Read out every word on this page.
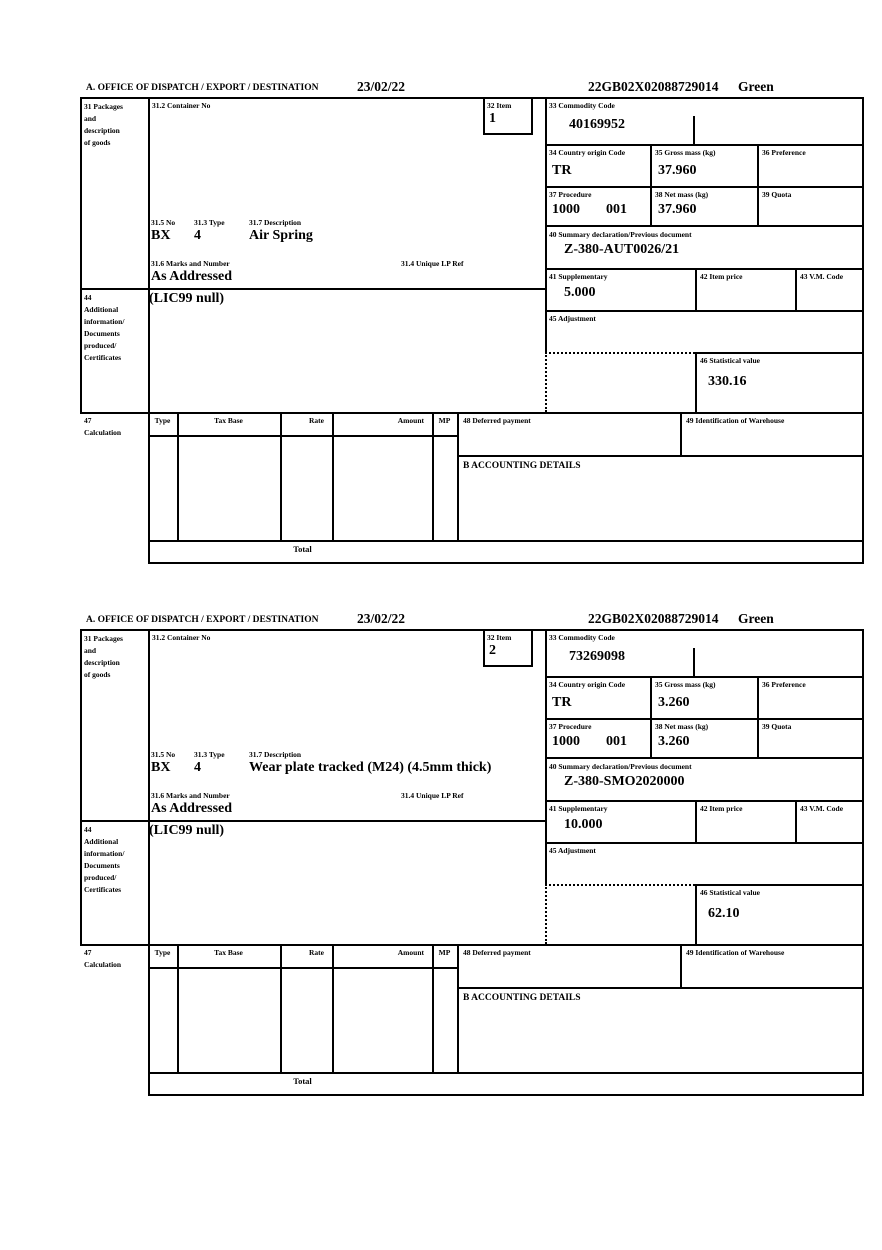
A. OFFICE OF DISPATCH / EXPORT / DESTINATION	23/02/22	22GB02X02088729014 Green
31 Packages
and
description
of goods
44
Additional
information/
Documents
produced/
Certificates
47
Calculation
31.2 Container No	32 Item
1
31.5 No	31.3 Type	31.7 Description
BX 4	Air Spring
31.6 Marks and Number	31.4 Unique LP Ref
As Addressed
(LIC99 null)
33 Commodity Code
40169952
34 Country origin Code
TR
35 Gross mass (kg)
37.960
36 Preference
37 Procedure
1000 001
38 Net mass (kg)
37.960
39 Quota
40 Summary declaration/Previous document
Z-380-AUT0026/21
41 Supplementary
5.000
42 Item price	43 V.M. Code
45 Adjustment
46 Statistical value
330.16
Type	Tax Base	Rate	Amount	MP	48 Deferred payment	49 Identification of Warehouse
B ACCOUNTING DETAILS
Total
A. OFFICE OF DISPATCH / EXPORT / DESTINATION	23/02/22	22GB02X02088729014 Green
31 Packages
and
description
of goods
44
Additional
information/
Documents
produced/
Certificates
47
Calculation
31.2 Container No	32 Item
2
31.5 No	31.3 Type	31.7 Description
BX 4	Wear plate tracked (M24) (4.5mm thick)
31.6 Marks and Number	31.4 Unique LP Ref
As Addressed
(LIC99 null)
33 Commodity Code
73269098
34 Country origin Code
TR
35 Gross mass (kg)
3.260
36 Preference
37 Procedure
1000 001
38 Net mass (kg)
3.260
39 Quota
40 Summary declaration/Previous document
Z-380-SMO2020000
41 Supplementary
10.000
42 Item price	43 V.M. Code
45 Adjustment
46 Statistical value
62.10
Type	Tax Base	Rate	Amount	MP	48 Deferred payment	49 Identification of Warehouse
B ACCOUNTING DETAILS
Total
